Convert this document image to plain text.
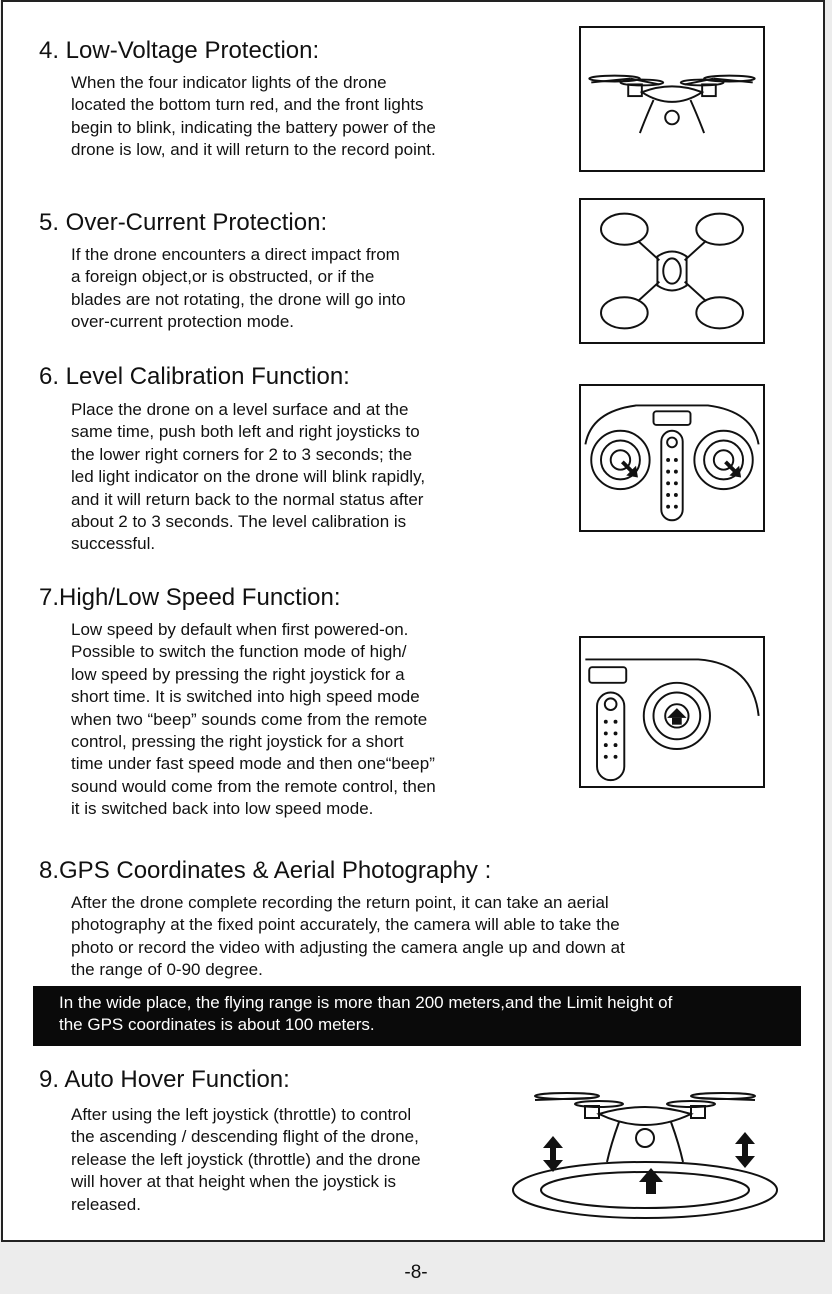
4. Low-Voltage Protection:

When the four indicator lights of the drone
located the bottom turn red, and the front lights
begin to blink, indicating the battery power of the
drone is low, and it will return to the record point.

5. Over-Current Protection:

If the drone encounters a direct impact from
a foreign object,or is obstructed, or if the
blades are not rotating, the drone will go into
over-current protection mode.

6. Level Calibration Function:

Place the drone on a level surface and at the
same time, push both left and right joysticks to
the lower right corners for 2 to 3 seconds; the
led light indicator on the drone will blink rapidly,
and it will return back to the normal status after
about 2 to 3 seconds. The level calibration is
successful.

7.High/Low Speed Function:

Low speed by default when first powered-on.
Possible to switch the function mode of high/
low speed by pressing the right joystick for a
short time. It is switched into high speed mode
when two “beep” sounds come from the remote
control, pressing the right joystick for a short
time under fast speed mode and then one“beep”
sound would come from the remote control, then
it is switched back into low speed mode.

8.GPS Coordinates & Aerial Photography :

After the drone complete recording the return point, it can take an aerial
photography at the fixed point accurately, the camera will able to take the
photo or record the video with adjusting the camera angle up and down at
the range of 0-90 degree.

In the wide place, the flying range is more than 200 meters,and the Limit height of
the GPS coordinates is about 100 meters.
9. Auto Hover Function:

After using the left joystick (throttle) to control
the ascending / descending flight of the drone,
release the left joystick (throttle) and the drone
will hover at that height when the joystick is
released.

-8-
